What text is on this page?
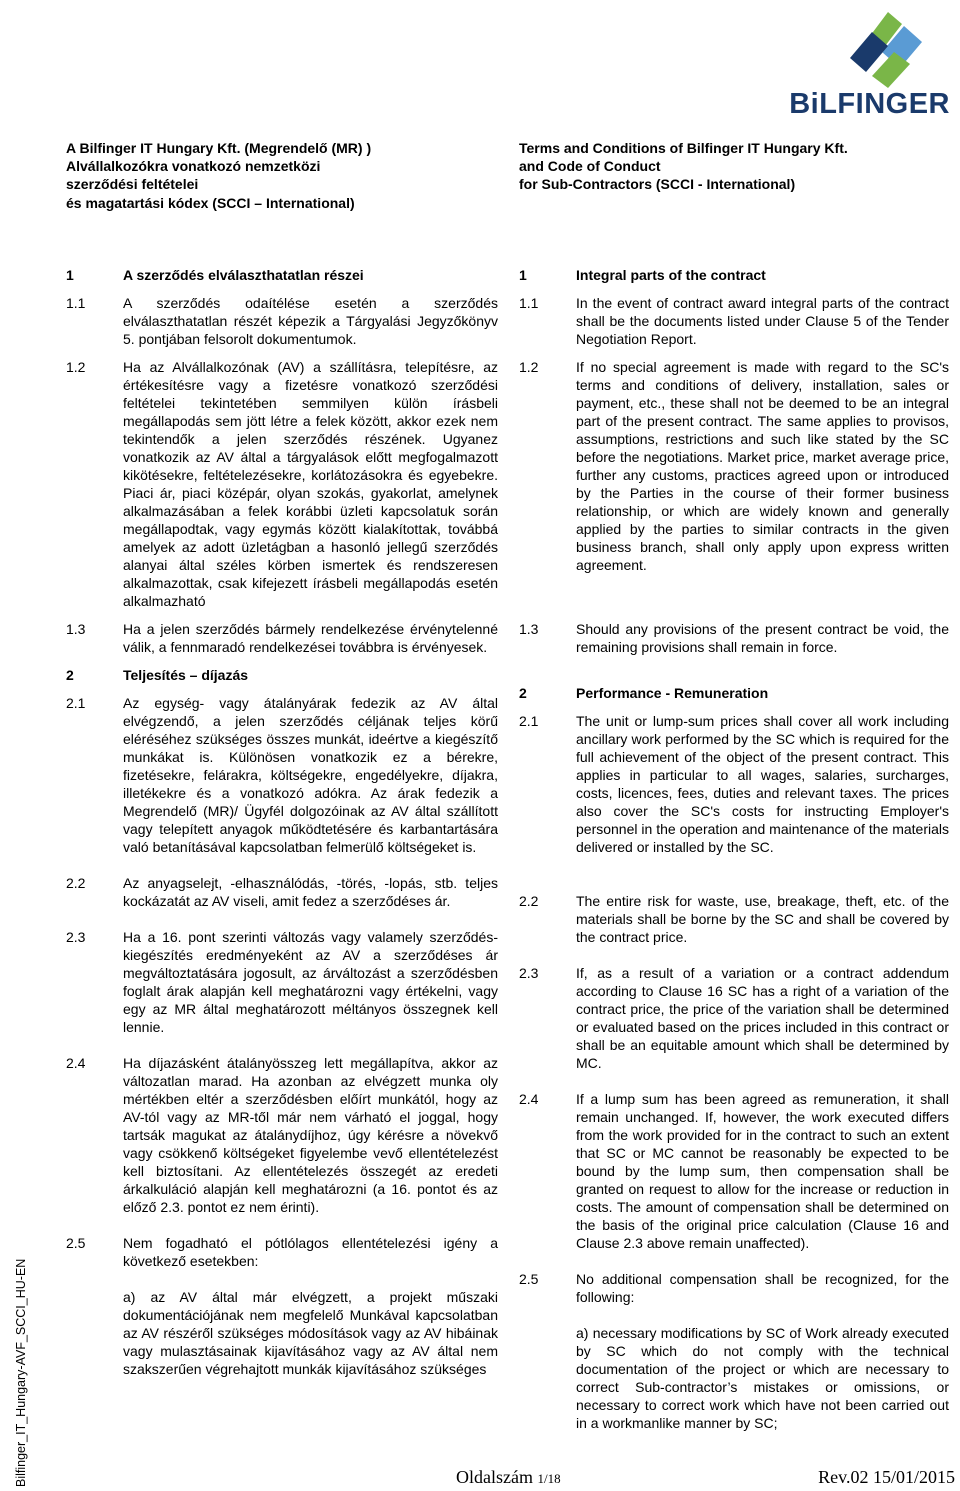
BiLFINGER
A Bilfinger IT Hungary Kft. (Megrendelő (MR) )
Alvállalkozókra vonatkozó nemzetközi
szerződési feltételei
és magatartási kódex (SCCI – International)
Terms and Conditions of Bilfinger IT Hungary Kft.
and Code of Conduct
for Sub-Contractors (SCCI - International)
1	A szerződés elválaszthatatlan részei
1.1	A szerződés odaítélése esetén a szerződés elválaszthatatlan részét képezik a Tárgyalási Jegyzőkönyv 5. pontjában felsorolt dokumentumok.
1.2	Ha az Alvállalkozónak (AV) a szállításra, telepítésre, az értékesítésre vagy a fizetésre vonatkozó szerződési feltételei tekintetében semmilyen külön írásbeli megállapodás sem jött létre a felek között, akkor ezek nem tekintendők a jelen szerződés részének. Ugyanez vonatkozik az AV által a tárgyalások előtt megfogalmazott kikötésekre, feltételezésekre, korlátozásokra és egyebekre. Piaci ár, piaci középár, olyan szokás, gyakorlat, amelynek alkalmazásában a felek korábbi üzleti kapcsolatuk során megállapodtak, vagy egymás között kialakítottak, továbbá amelyek az adott üzletágban a hasonló jellegű szerződés alanyai által széles körben ismertek és rendszeresen alkalmazottak, csak kifejezett írásbeli megállapodás esetén alkalmazható
1.3	Ha a jelen szerződés bármely rendelkezése érvénytelenné válik, a fennmaradó rendelkezései továbbra is érvényesek.
2	Teljesítés – díjazás
2.1	Az egység- vagy átalányárak fedezik az AV által elvégzendő, a jelen szerződés céljának teljes körű eléréséhez szükséges összes munkát, ideértve a kiegészítő munkákat is. Különösen vonatkozik ez a bérekre, fizetésekre, felárakra, költségekre, engedélyekre, díjakra, illetékekre és a vonatkozó adókra. Az árak fedezik a Megrendelő (MR)/ Ügyfél dolgozóinak az AV által szállított vagy telepített anyagok működtetésére és karbantartására való betanításával kapcsolatban felmerülő költségeket is.
2.2	Az anyagselejt, -elhasználódás, -törés, -lopás, stb. teljes kockázatát az AV viseli, amit fedez a szerződéses ár.
2.3	Ha a 16. pont szerinti változás vagy valamely szerződés-kiegészítés eredményeként az AV a szerződéses ár megváltoztatására jogosult, az árváltozást a szerződésben foglalt árak alapján kell meghatározni vagy értékelni, vagy egy az MR által meghatározott méltányos összegnek kell lennie.
2.4	Ha díjazásként átalányösszeg lett megállapítva, akkor az változatlan marad. Ha azonban az elvégzett munka oly mértékben eltér a szerződésben előírt munkától, hogy az AV-tól vagy az MR-től már nem várható el joggal, hogy tartsák magukat az átalánydíjhoz, úgy kérésre a növekvő vagy csökkenő költségeket figyelembe vevő ellentételezést kell biztosítani. Az ellentételezés összegét az eredeti árkalkuláció alapján kell meghatározni (a 16. pontot és az előző 2.3. pontot ez nem érinti).
2.5	Nem fogadható el pótlólagos ellentételezési igény a következő esetekben:
a) az AV által már elvégzett, a projekt műszaki dokumentációjának nem megfelelő Munkával kapcsolatban az AV részéről szükséges módosítások vagy az AV hibáinak vagy mulasztásainak kijavításához vagy az AV által nem szakszerűen végrehajtott munkák kijavításához szükséges
1	Integral parts of the contract
1.1	In the event of contract award integral parts of the contract shall be the documents listed under Clause 5 of the Tender Negotiation Report.
1.2	If no special agreement is made with regard to the SC's terms and conditions of delivery, installation, sales or payment, etc., these shall not be deemed to be an integral part of the present contract. The same applies to provisos, assumptions, restrictions and such like stated by the SC before the negotiations. Market price, market average price, further any customs, practices agreed upon or introduced by the Parties in the course of their former business relationship, or which are widely known and generally applied by the parties to similar contracts in the given business branch, shall only apply upon express written agreement.
1.3	Should any provisions of the present contract be void, the remaining provisions shall remain in force.
2	Performance - Remuneration
2.1	The unit or lump-sum prices shall cover all work including ancillary work performed by the SC which is required for the full achievement of the object of the present contract. This applies in particular to all wages, salaries, surcharges, costs, licences, fees, duties and relevant taxes. The prices also cover the SC's costs for instructing Employer's personnel in the operation and maintenance of the materials delivered or installed by the SC.
2.2	The entire risk for waste, use, breakage, theft, etc. of the materials shall be borne by the SC and shall be covered by the contract price.
2.3	If, as a result of a variation or a contract addendum according to Clause 16 SC has a right of a variation of the contract price, the price of the variation shall be determined or evaluated based on the prices included in this contract or shall be an equitable amount which shall be determined by MC.
2.4	If a lump sum has been agreed as remuneration, it shall remain unchanged. If, however, the work executed differs from the work provided for in the contract to such an extent that SC or MC cannot be reasonably be expected to be bound by the lump sum, then compensation shall be granted on request to allow for the increase or reduction in costs. The amount of compensation shall be determined on the basis of the original price calculation (Clause 16 and Clause 2.3 above remain unaffected).
2.5	No additional compensation shall be recognized, for the following:
a) necessary modifications by SC of Work already executed by SC which do not comply with the technical documentation of the project or which are necessary to correct Sub-contractor’s mistakes or omissions, or necessary to correct work which have not been carried out in a workmanlike manner by SC;
Bilfinger_IT_Hungary-AVF_SCCI_HU-EN	Oldalszám 1/18	Rev.02 15/01/2015
